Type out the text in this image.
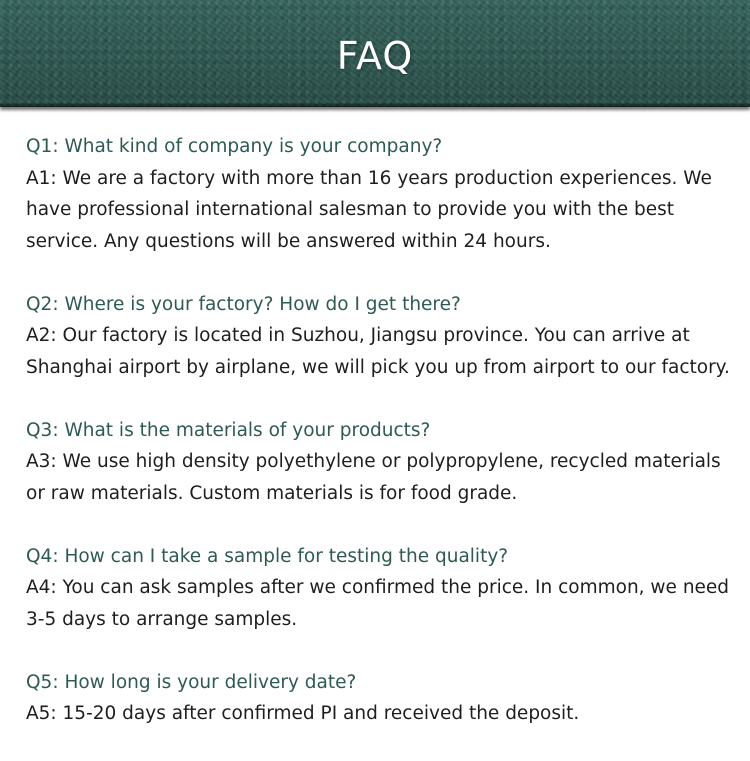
FAQ
Q1: What kind of company is your company?
A1: We are a factory with more than 16 years production experiences. We have professional international salesman to provide you with the best service. Any questions will be answered within 24 hours.
Q2: Where is your factory? How do I get there?
A2: Our factory is located in Suzhou, Jiangsu province. You can arrive at Shanghai airport by airplane, we will pick you up from airport to our factory.
Q3: What is the materials of your products?
A3: We use high density polyethylene or polypropylene, recycled materials or raw materials. Custom materials is for food grade.
Q4: How can I take a sample for testing the quality?
A4: You can ask samples after we confirmed the price. In common, we need 3-5 days to arrange samples.
Q5: How long is your delivery date?
A5: 15-20 days after confirmed PI and received the deposit.
